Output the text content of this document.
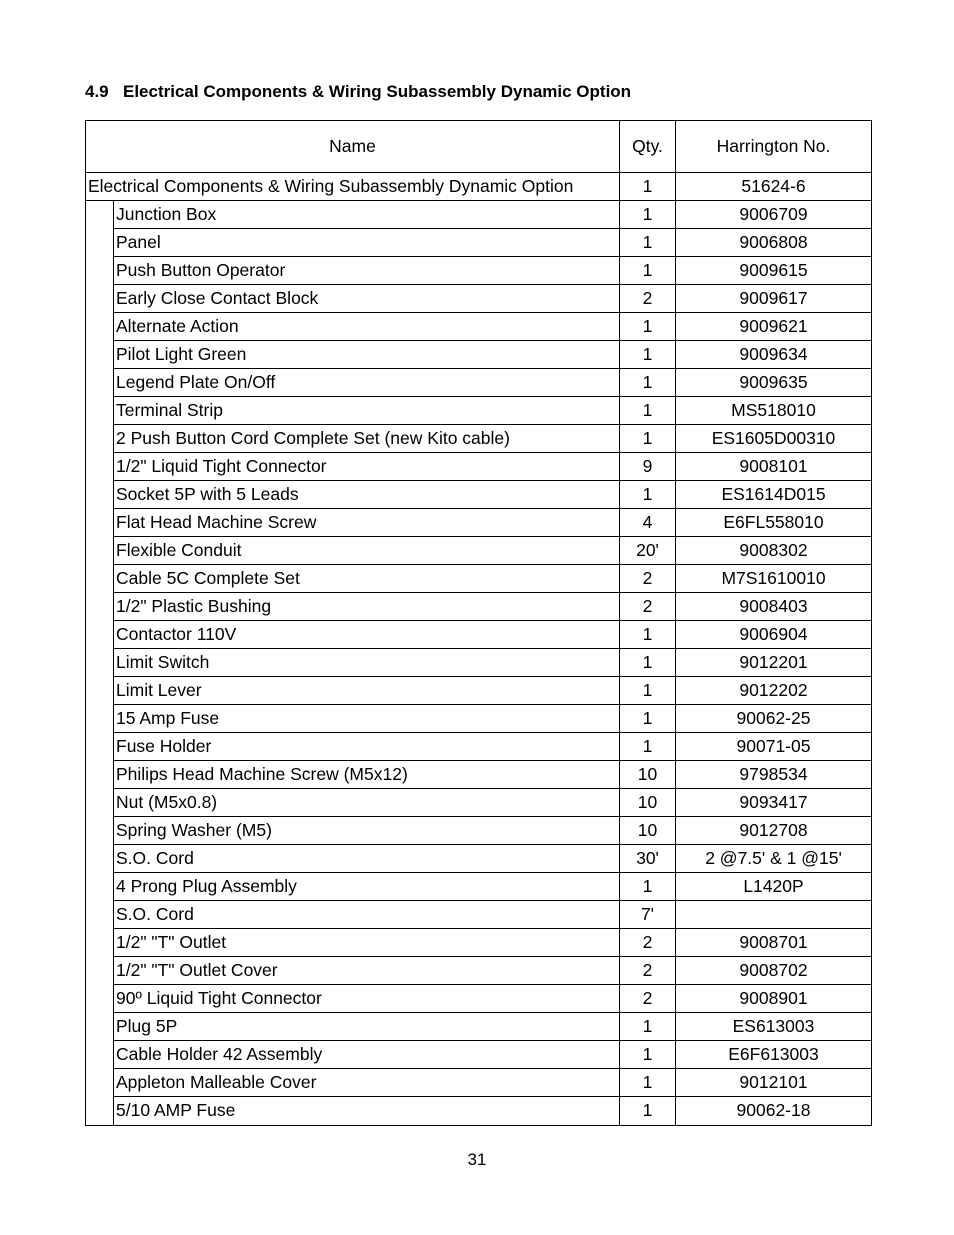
4.9 Electrical Components & Wiring Subassembly Dynamic Option
Name	Qty.	Harrington No.
Electrical Components & Wiring Subassembly Dynamic Option	1	51624-6
Junction Box	1	9006709
Panel	1	9006808
Push Button Operator	1	9009615
Early Close Contact Block	2	9009617
Alternate Action	1	9009621
Pilot Light Green	1	9009634
Legend Plate On/Off	1	9009635
Terminal Strip	1	MS518010
2 Push Button Cord Complete Set (new Kito cable)	1	ES1605D00310
1/2" Liquid Tight Connector	9	9008101
Socket 5P with 5 Leads	1	ES1614D015
Flat Head Machine Screw	4	E6FL558010
Flexible Conduit	20'	9008302
Cable 5C Complete Set	2	M7S1610010
1/2" Plastic Bushing	2	9008403
Contactor 110V	1	9006904
Limit Switch	1	9012201
Limit Lever	1	9012202
15 Amp Fuse	1	90062-25
Fuse Holder	1	90071-05
Philips Head Machine Screw (M5x12)	10	9798534
Nut (M5x0.8)	10	9093417
Spring Washer (M5)	10	9012708
S.O. Cord	30'	2 @7.5' & 1 @15'
4 Prong Plug Assembly	1	L1420P
S.O. Cord	7'
1/2" "T" Outlet	2	9008701
1/2" "T" Outlet Cover	2	9008702
90º Liquid Tight Connector	2	9008901
Plug 5P	1	ES613003
Cable Holder 42 Assembly	1	E6F613003
Appleton Malleable Cover	1	9012101
5/10 AMP Fuse	1	90062-18
31
